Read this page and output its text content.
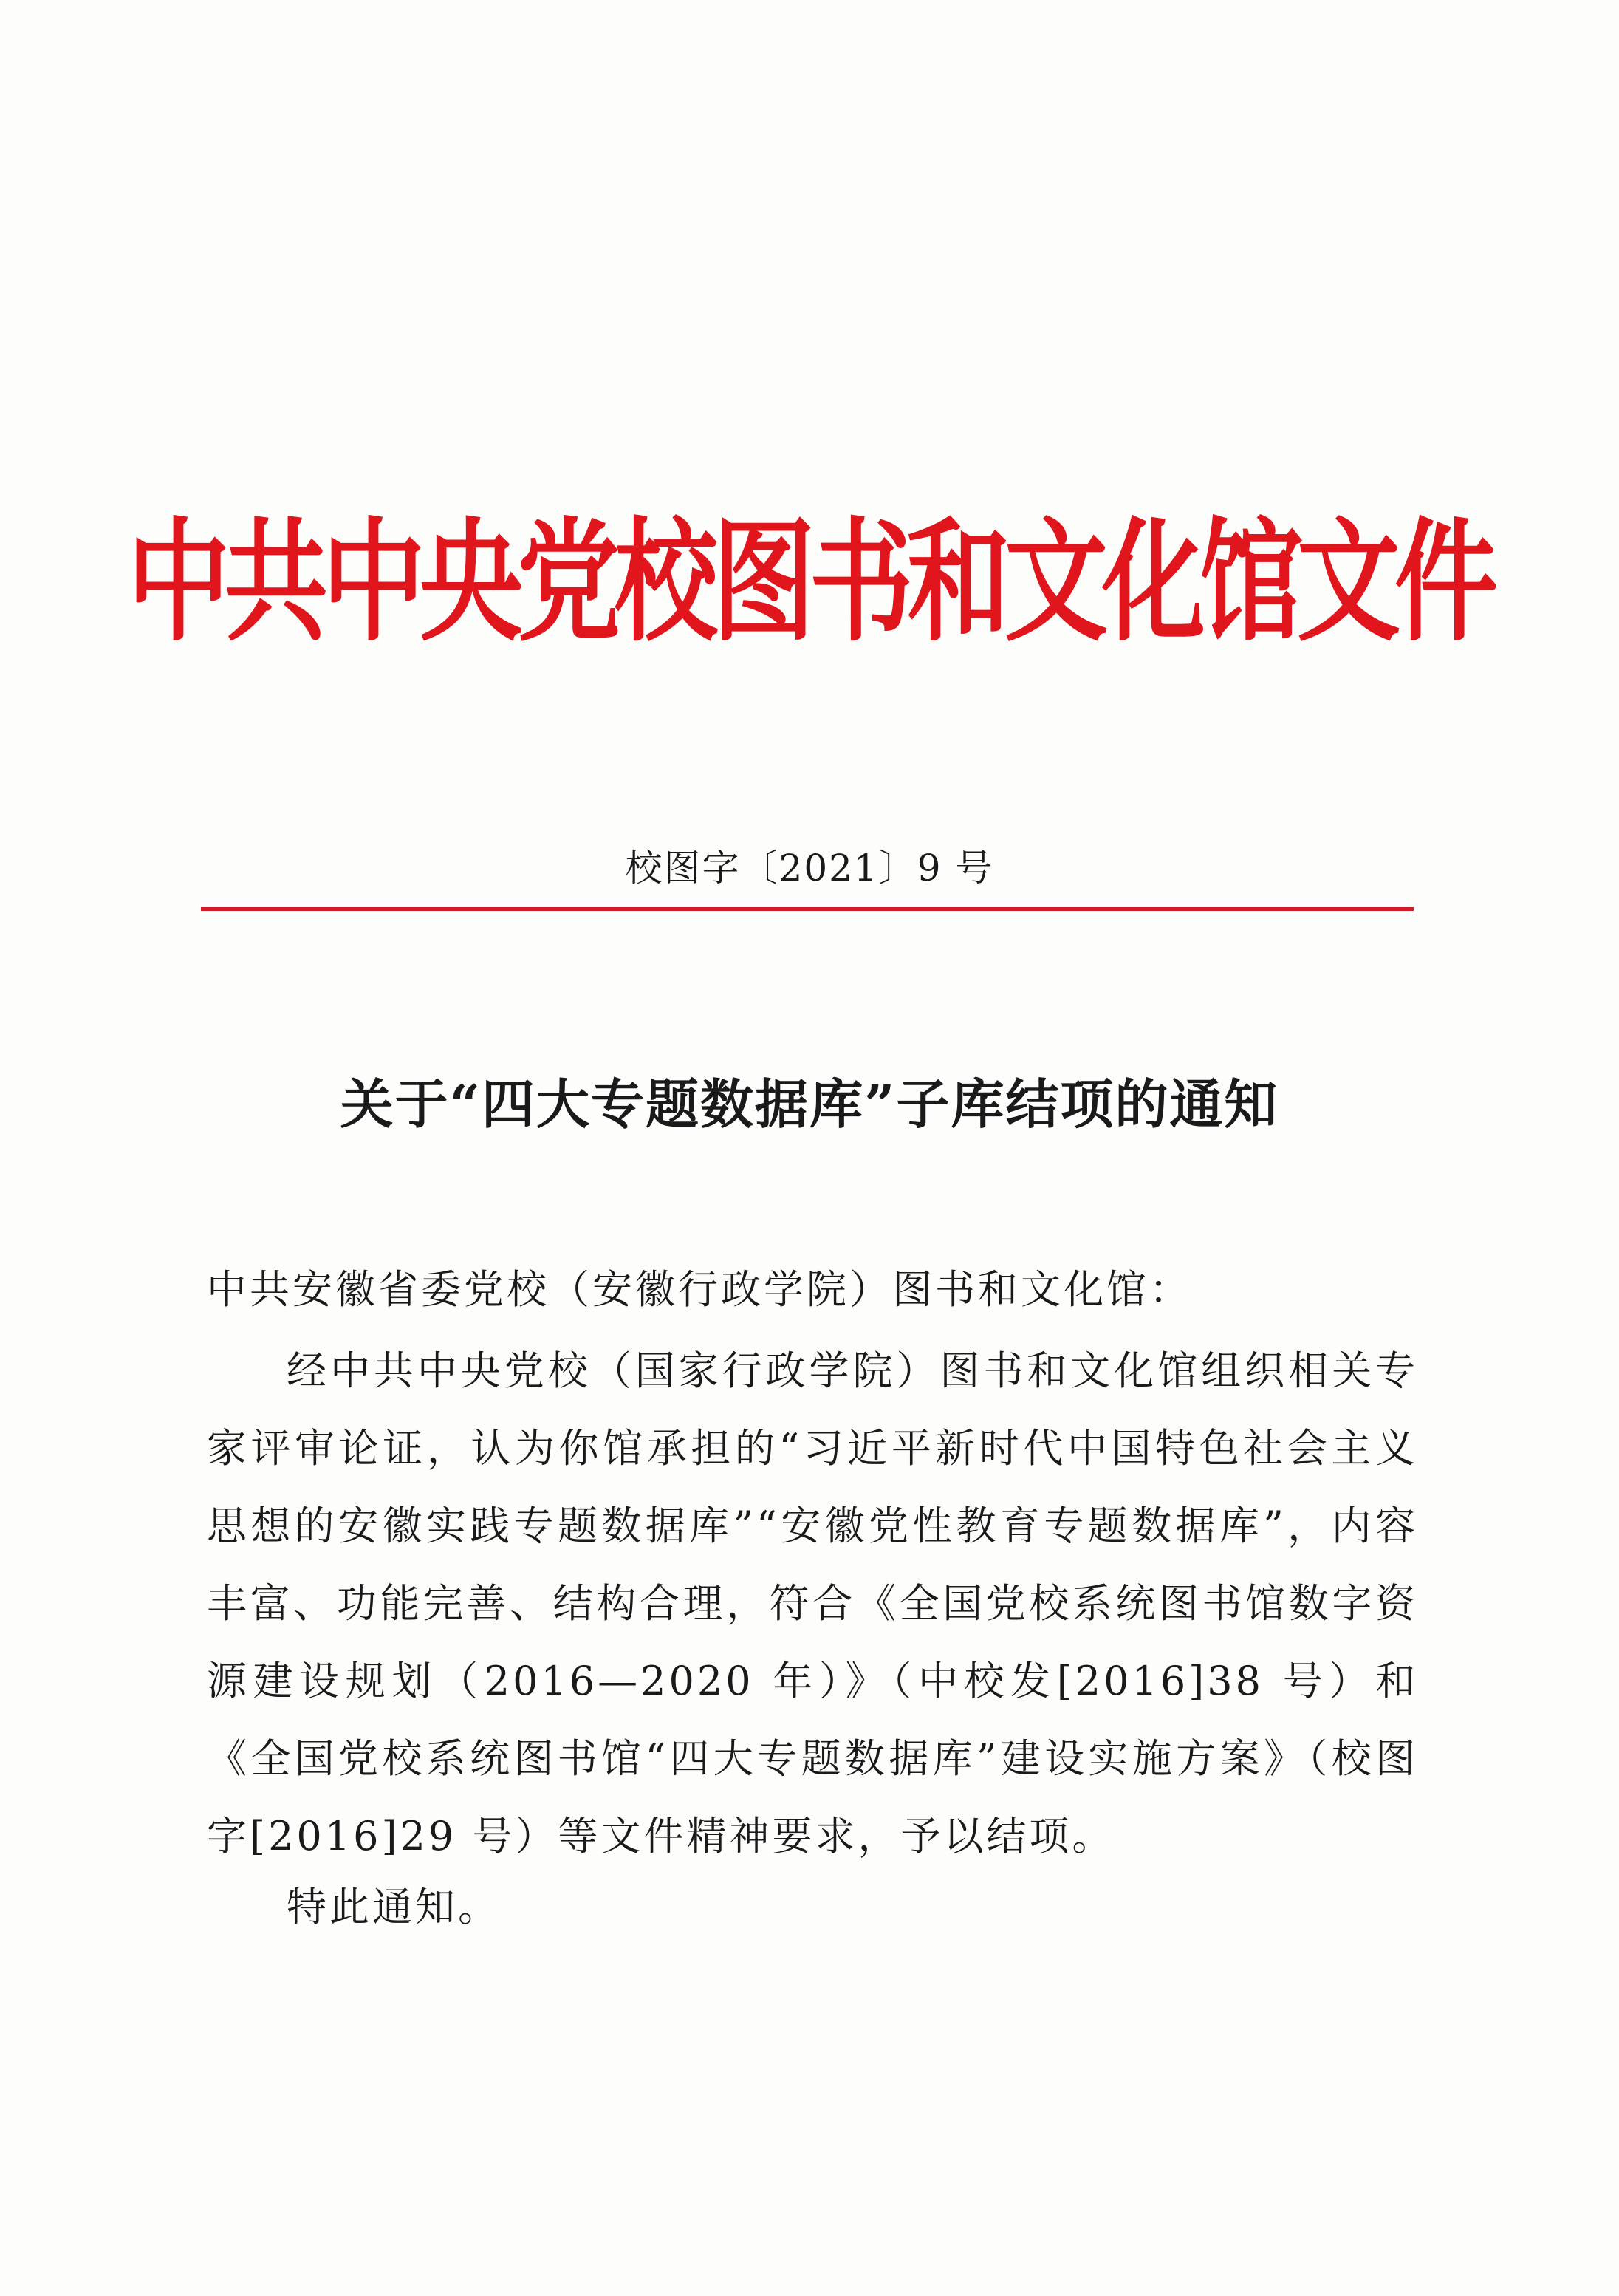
中共中央党校图书和文化馆文件
校图字〔2021〕9 号
关于“四大专题数据库”子库结项的通知
中共安徽省委党校（安徽行政学院）图书和文化馆：

经中共中央党校（国家行政学院）图书和文化馆组织相关专家评审论证，认为你馆承担的“习近平新时代中国特色社会主义思想的安徽实践专题数据库”“安徽党性教育专题数据库”，内容丰富、功能完善、结构合理，符合《全国党校系统图书馆数字资源建设规划（2016—2020 年）》（中校发[2016]38 号）和《全国党校系统图书馆“四大专题数据库”建设实施方案》（校图字[2016]29 号）等文件精神要求，予以结项。

特此通知。
